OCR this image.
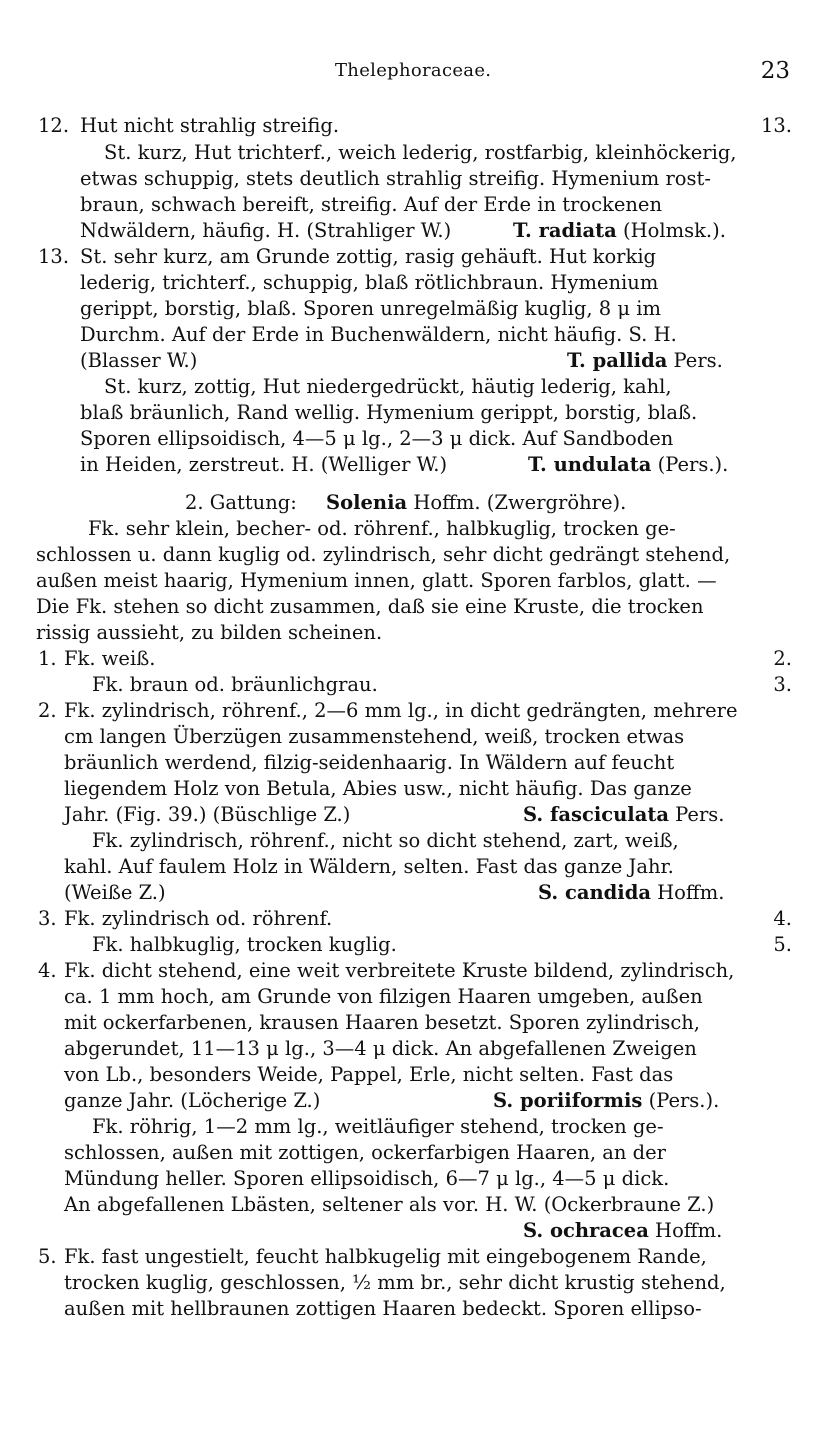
Thelephoraceae.	23
12. Hut nicht strahlig streifig.	13.
St. kurz, Hut trichterf., weich lederig, rostfarbig, kleinhöckerig,
etwas schuppig, stets deutlich strahlig streifig. Hymenium rost-
braun, schwach bereift, streifig. Auf der Erde in trockenen
Ndwäldern, häufig. H. (Strahliger W.)	T. radiata (Holmsk.).
13. St. sehr kurz, am Grunde zottig, rasig gehäuft. Hut korkig
lederig, trichterf., schuppig, blaß rötlichbraun. Hymenium
gerippt, borstig, blaß. Sporen unregelmäßig kuglig, 8 μ im
Durchm. Auf der Erde in Buchenwäldern, nicht häufig. S. H.
(Blasser W.)	T. pallida Pers.
St. kurz, zottig, Hut niedergedrückt, häutig lederig, kahl,
blaß bräunlich, Rand wellig. Hymenium gerippt, borstig, blaß.
Sporen ellipsoidisch, 4—5 μ lg., 2—3 μ dick. Auf Sandboden
in Heiden, zerstreut. H. (Welliger W.)	T. undulata (Pers.).
2. Gattung: Solenia Hoffm. (Zwergröhre).
Fk. sehr klein, becher- od. röhrenf., halbkuglig, trocken ge-
schlossen u. dann kuglig od. zylindrisch, sehr dicht gedrängt stehend,
außen meist haarig, Hymenium innen, glatt. Sporen farblos, glatt. —
Die Fk. stehen so dicht zusammen, daß sie eine Kruste, die trocken
rissig aussieht, zu bilden scheinen.
1. Fk. weiß.	2.
Fk. braun od. bräunlichgrau.	3.
2. Fk. zylindrisch, röhrenf., 2—6 mm lg., in dicht gedrängten, mehrere
cm langen Überzügen zusammenstehend, weiß, trocken etwas
bräunlich werdend, filzig-seidenhaarig. In Wäldern auf feucht
liegendem Holz von Betula, Abies usw., nicht häufig. Das ganze
Jahr. (Fig. 39.) (Büschlige Z.)	S. fasciculata Pers.
Fk. zylindrisch, röhrenf., nicht so dicht stehend, zart, weiß,
kahl. Auf faulem Holz in Wäldern, selten. Fast das ganze Jahr.
(Weiße Z.)	S. candida Hoffm.
3. Fk. zylindrisch od. röhrenf.	4.
Fk. halbkuglig, trocken kuglig.	5.
4. Fk. dicht stehend, eine weit verbreitete Kruste bildend, zylindrisch,
ca. 1 mm hoch, am Grunde von filzigen Haaren umgeben, außen
mit ockerfarbenen, krausen Haaren besetzt. Sporen zylindrisch,
abgerundet, 11—13 μ lg., 3—4 μ dick. An abgefallenen Zweigen
von Lb., besonders Weide, Pappel, Erle, nicht selten. Fast das
ganze Jahr. (Löcherige Z.)	S. poriiformis (Pers.).
Fk. röhrig, 1—2 mm lg., weitläufiger stehend, trocken ge-
schlossen, außen mit zottigen, ockerfarbigen Haaren, an der
Mündung heller. Sporen ellipsoidisch, 6—7 μ lg., 4—5 μ dick.
An abgefallenen Lbästen, seltener als vor. H. W. (Ockerbraune Z.)
S. ochracea Hoffm.
5. Fk. fast ungestielt, feucht halbkugelig mit eingebogenem Rande,
trocken kuglig, geschlossen, ½ mm br., sehr dicht krustig stehend,
außen mit hellbraunen zottigen Haaren bedeckt. Sporen ellipso-
